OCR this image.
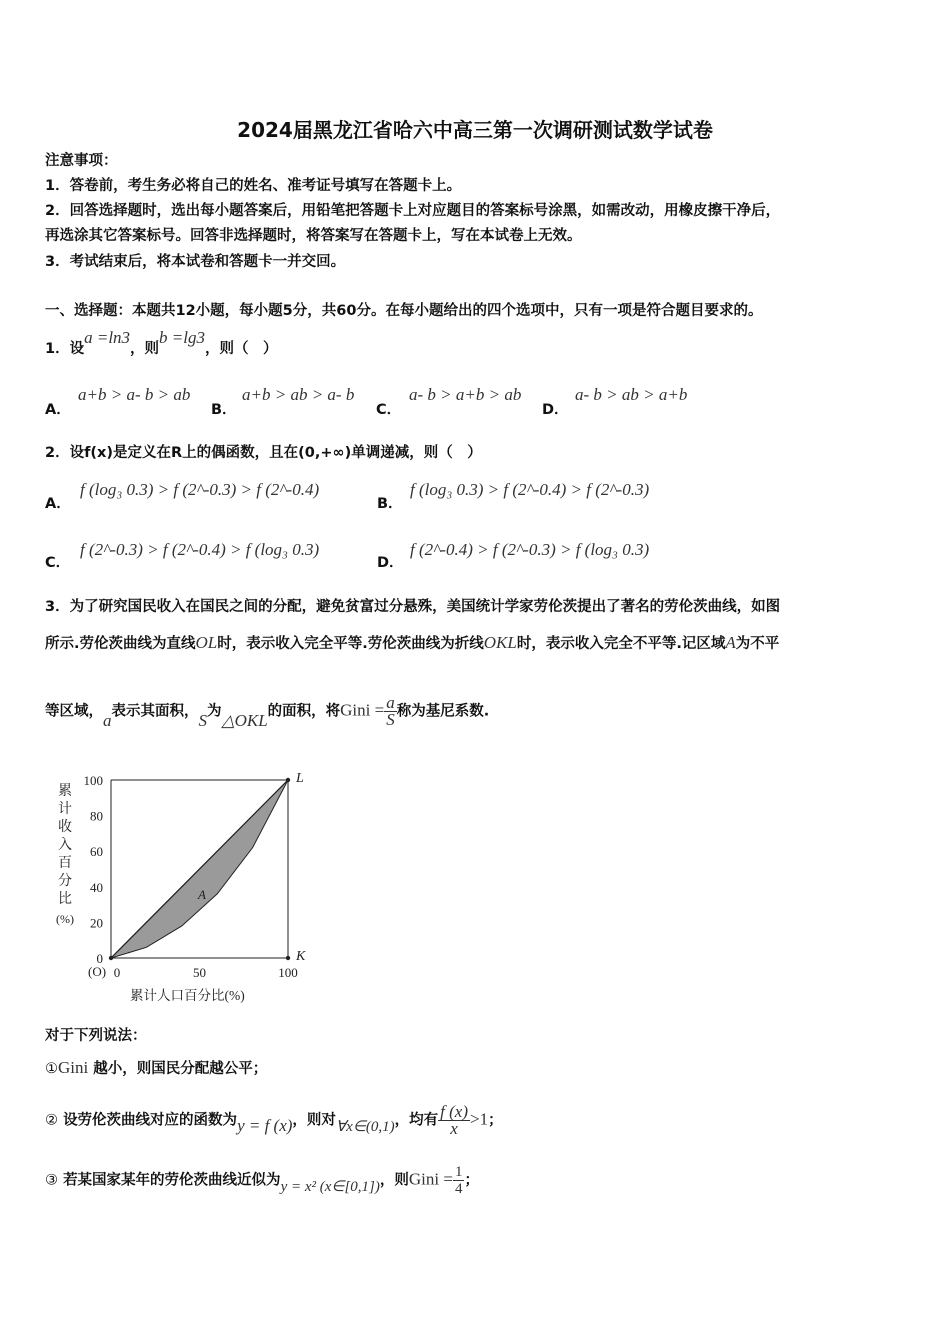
2024届黑龙江省哈六中高三第一次调研测试数学试卷
注意事项：
1．答卷前，考生务必将自己的姓名、准考证号填写在答题卡上。
2．回答选择题时，选出每小题答案后，用铅笔把答题卡上对应题目的答案标号涂黑，如需改动，用橡皮擦干净后，
再选涂其它答案标号。回答非选择题时，将答案写在答题卡上，写在本试卷上无效。
3．考试结束后，将本试卷和答题卡一并交回。
一、选择题：本题共12小题，每小题5分，共60分。在每小题给出的四个选项中，只有一项是符合题目要求的。
1．设a =ln3，则b =lg3，则（　）
A．
a+b > a- b > ab
B．
a+b > ab > a- b
C．
a- b > a+b > ab
D．
a- b > ab > a+b
2．设f(x)是定义在R上的偶函数，且在(0,+∞)单调递减，则（　）
A．
f (log₃ 0.3) > f (2^-0.3) > f (2^-0.4)
B．
f (log₃ 0.3) > f (2^-0.4) > f (2^-0.3)
C．
f (2^-0.3) > f (2^-0.4) > f (log₃ 0.3)
D．
f (2^-0.4) > f (2^-0.3) > f (log₃ 0.3)
3．为了研究国民收入在国民之间的分配，避免贫富过分悬殊，美国统计学家劳伦茨提出了著名的劳伦茨曲线，如图
所示.劳伦茨曲线为直线OL时，表示收入完全平等.劳伦茨曲线为折线OKL时，表示收入完全不平等.记区域A为不平
等区域，a表示其面积，S为△OKL的面积，将Gini = $\frac{a}{S}$ 称为基尼系数.
0
20
40
60
80
100
0	50	100
L
K
A
(O)
累计人口百分比(%)
累
计
收
入
百
分
比
(%)
对于下列说法：
①Gini 越小，则国民分配越公平；
② 设劳伦茨曲线对应的函数为y = f (x)，则对∀x∈(0,1)，均有 $\frac{f (x)}{x} >1$；
③ 若某国家某年的劳伦茨曲线近似为y = x² (x∈[0,1])，则Gini = $\frac{1}{4}$ ；
